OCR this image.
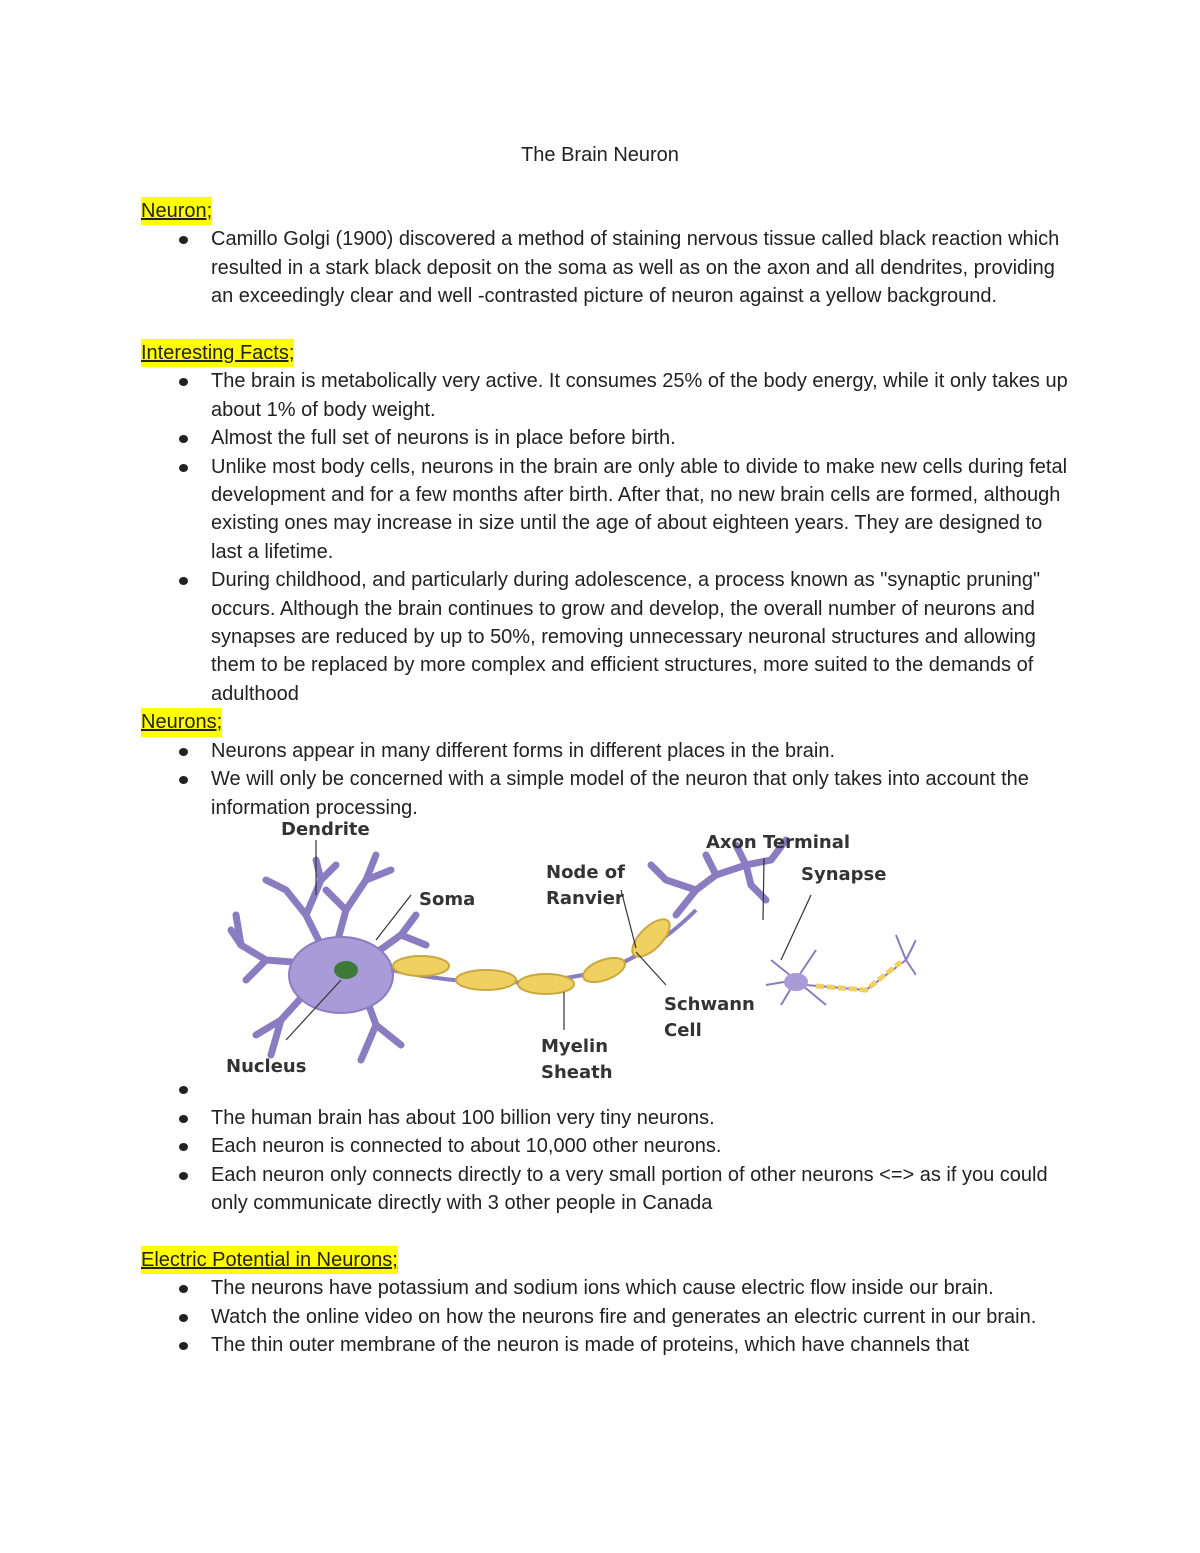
The Brain Neuron
Neuron;
Camillo Golgi (1900) discovered a method of staining nervous tissue called black reaction which resulted in a stark black deposit on the soma as well as on the axon and all dendrites, providing an exceedingly clear and well -contrasted picture of neuron against a yellow background.
Interesting Facts;
The brain is metabolically very active. It consumes 25% of the body energy, while it only takes up about 1% of body weight.
Almost the full set of neurons is in place before birth.
Unlike most body cells, neurons in the brain are only able to divide to make new cells during fetal development and for a few months after birth. After that, no new brain cells are formed, although existing ones may increase in size until the age of about eighteen years. They are designed to last a lifetime.
During childhood, and particularly during adolescence, a process known as "synaptic pruning" occurs. Although the brain continues to grow and develop, the overall number of neurons and synapses are reduced by up to 50%, removing unnecessary neuronal structures and allowing them to be replaced by more complex and efficient structures, more suited to the demands of adulthood
Neurons;
Neurons appear in many different forms in different places in the brain.
We will only be concerned with a simple model of the neuron that only takes into account the information processing.
Dendrite
Soma
Nucleus
Node of
Ranvier
Axon Terminal
Synapse
Schwann
Cell
Myelin
Sheath
The human brain has about 100 billion very tiny neurons.
Each neuron is connected to about 10,000 other neurons.
Each neuron only connects directly to a very small portion of other neurons <=> as if you could only communicate directly with 3 other people in Canada
Electric Potential in Neurons;
The neurons have potassium and sodium ions which cause electric flow inside our brain.
Watch the online video on how the neurons fire and generates an electric current in our brain.
The thin outer membrane of the neuron is made of proteins, which have channels that
